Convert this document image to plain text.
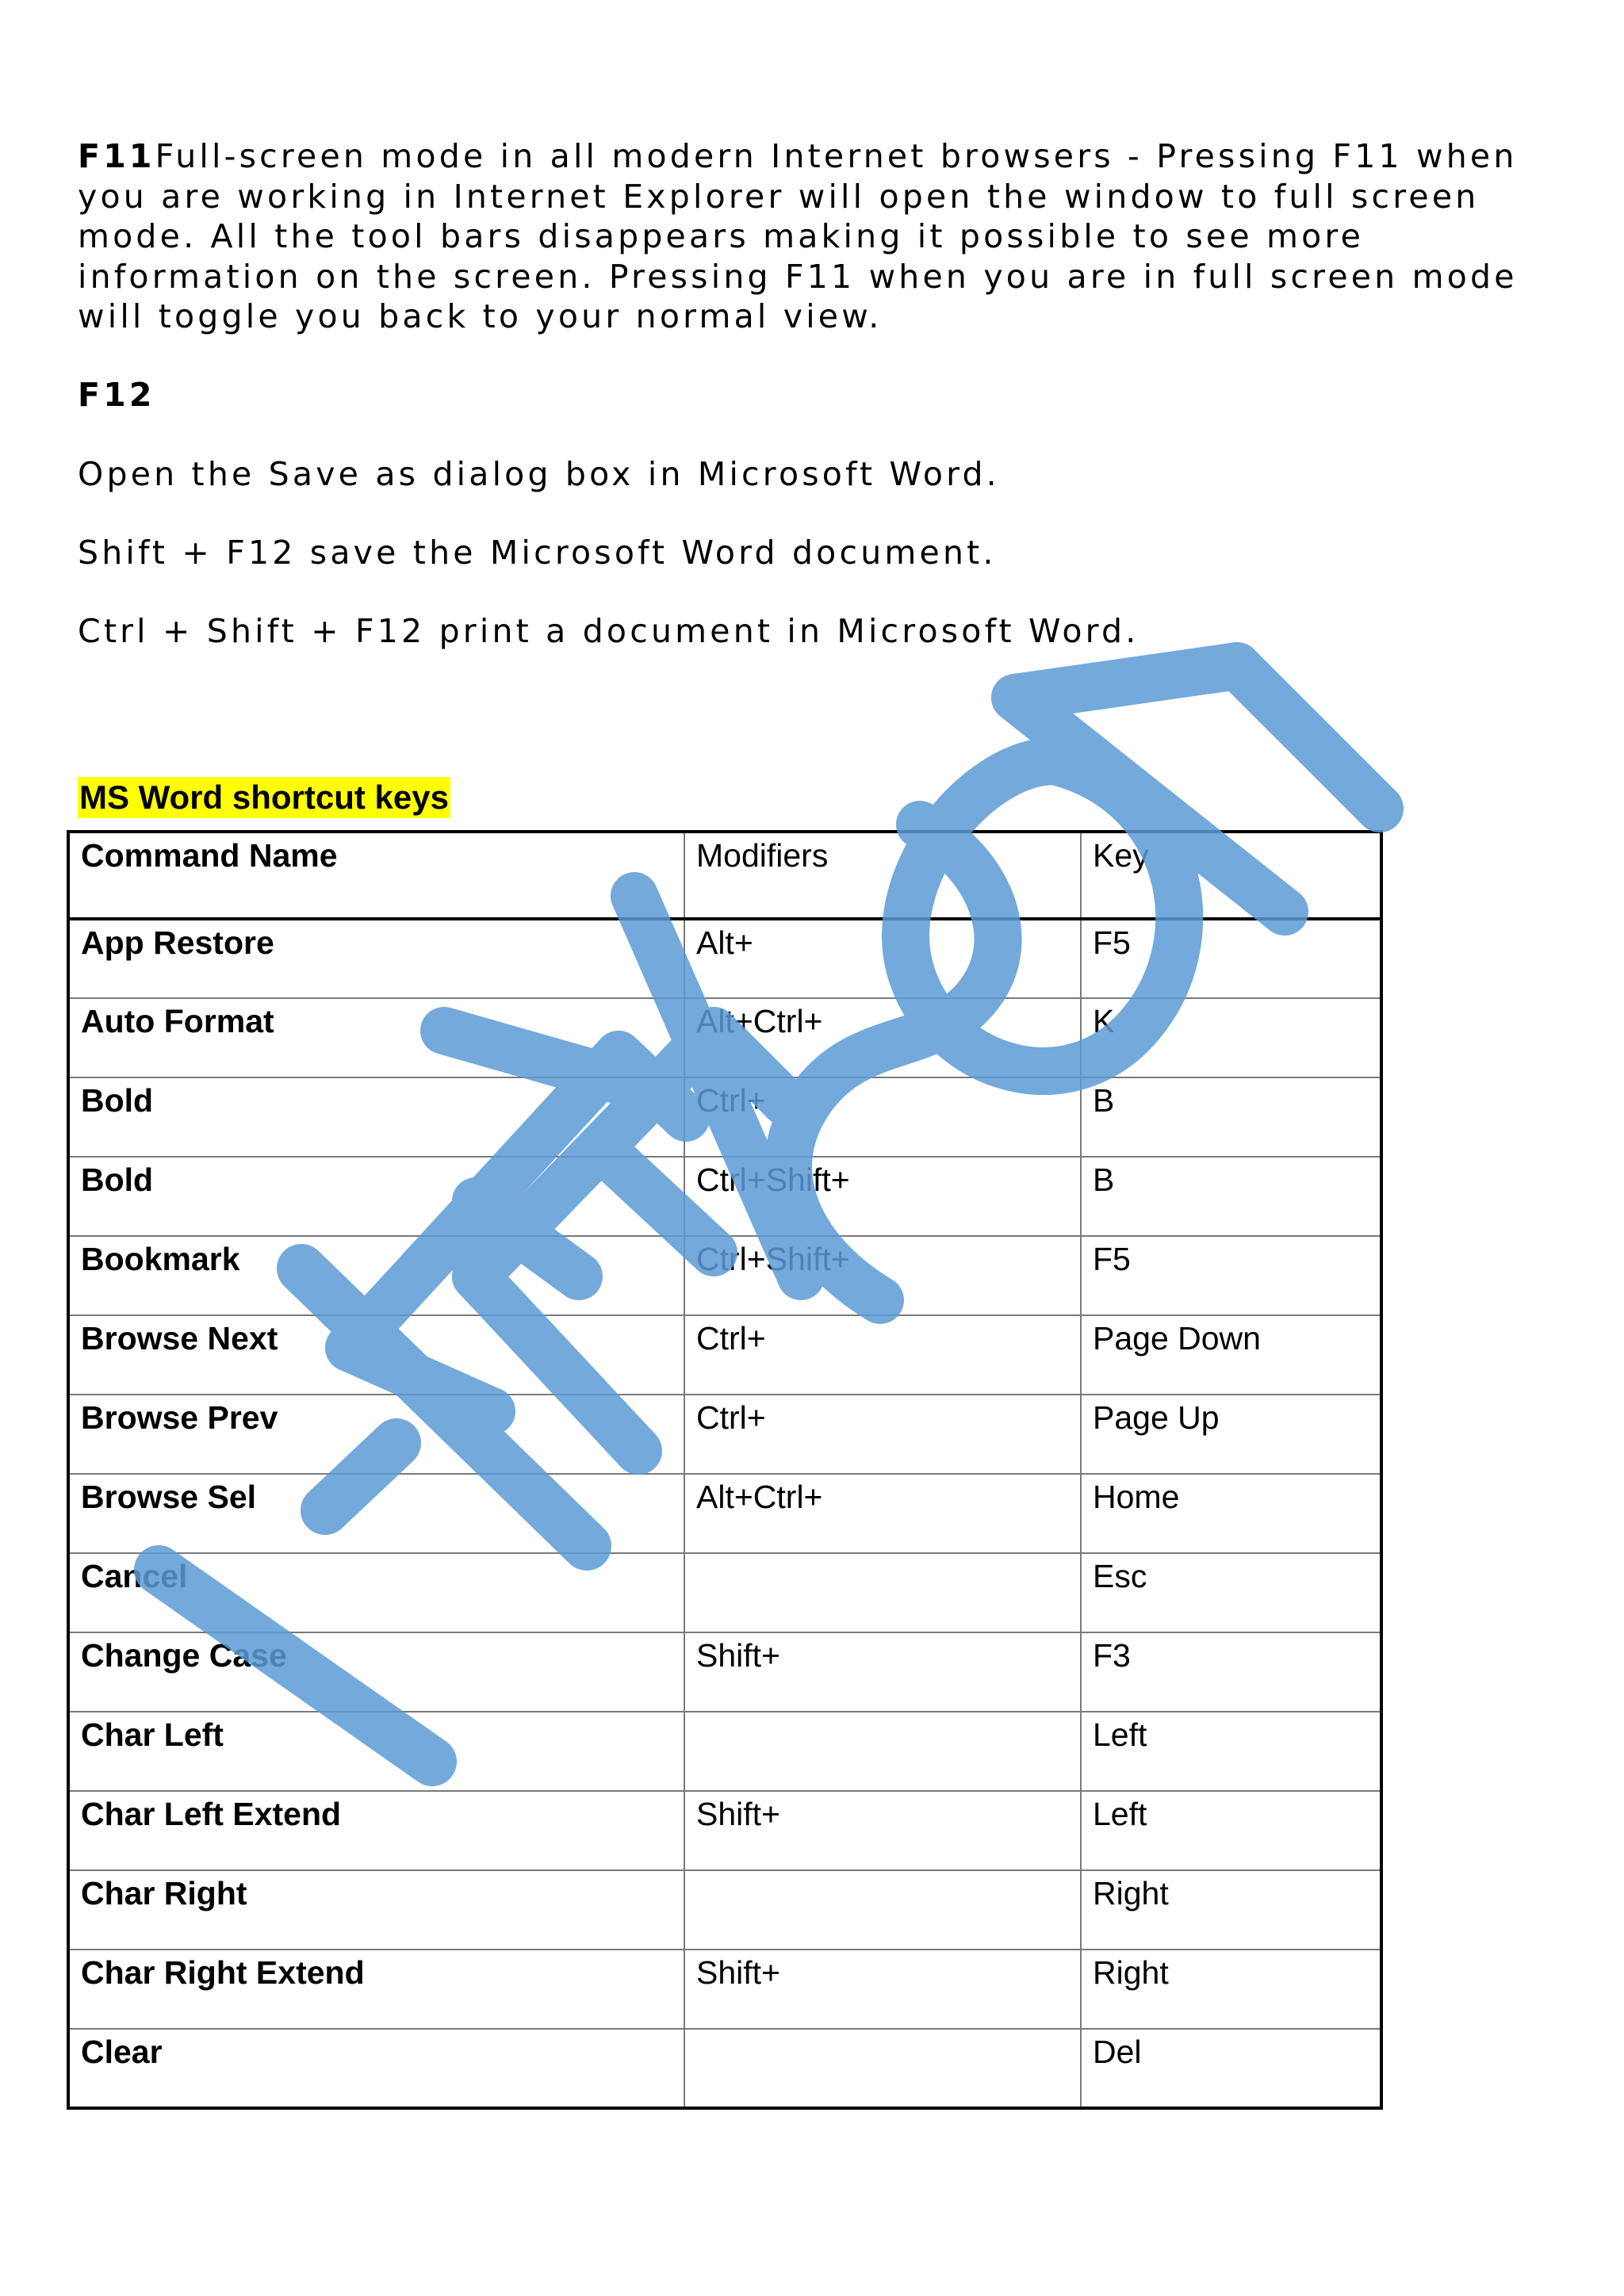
F11Full-screen mode in all modern Internet browsers - Pressing F11 when you are working in Internet Explorer will open the window to full screen mode. All the tool bars disappears making it possible to see more information on the screen. Pressing F11 when you are in full screen mode will toggle you back to your normal view.

F12

Open the Save as dialog box in Microsoft Word.

Shift + F12 save the Microsoft Word document.

Ctrl + Shift + F12 print a document in Microsoft Word.

MS Word shortcut keys
Command Name	Modifiers	Key
App Restore	Alt+	F5
Auto Format	Alt+Ctrl+	K
Bold	Ctrl+	B
Bold	Ctrl+Shift+	B
Bookmark	Ctrl+Shift+	F5
Browse Next	Ctrl+	Page Down
Browse Prev	Ctrl+	Page Up
Browse Sel	Alt+Ctrl+	Home
Cancel		Esc
Change Case	Shift+	F3
Char Left		Left
Char Left Extend	Shift+	Left
Char Right		Right
Char Right Extend	Shift+	Right
Clear		Del
